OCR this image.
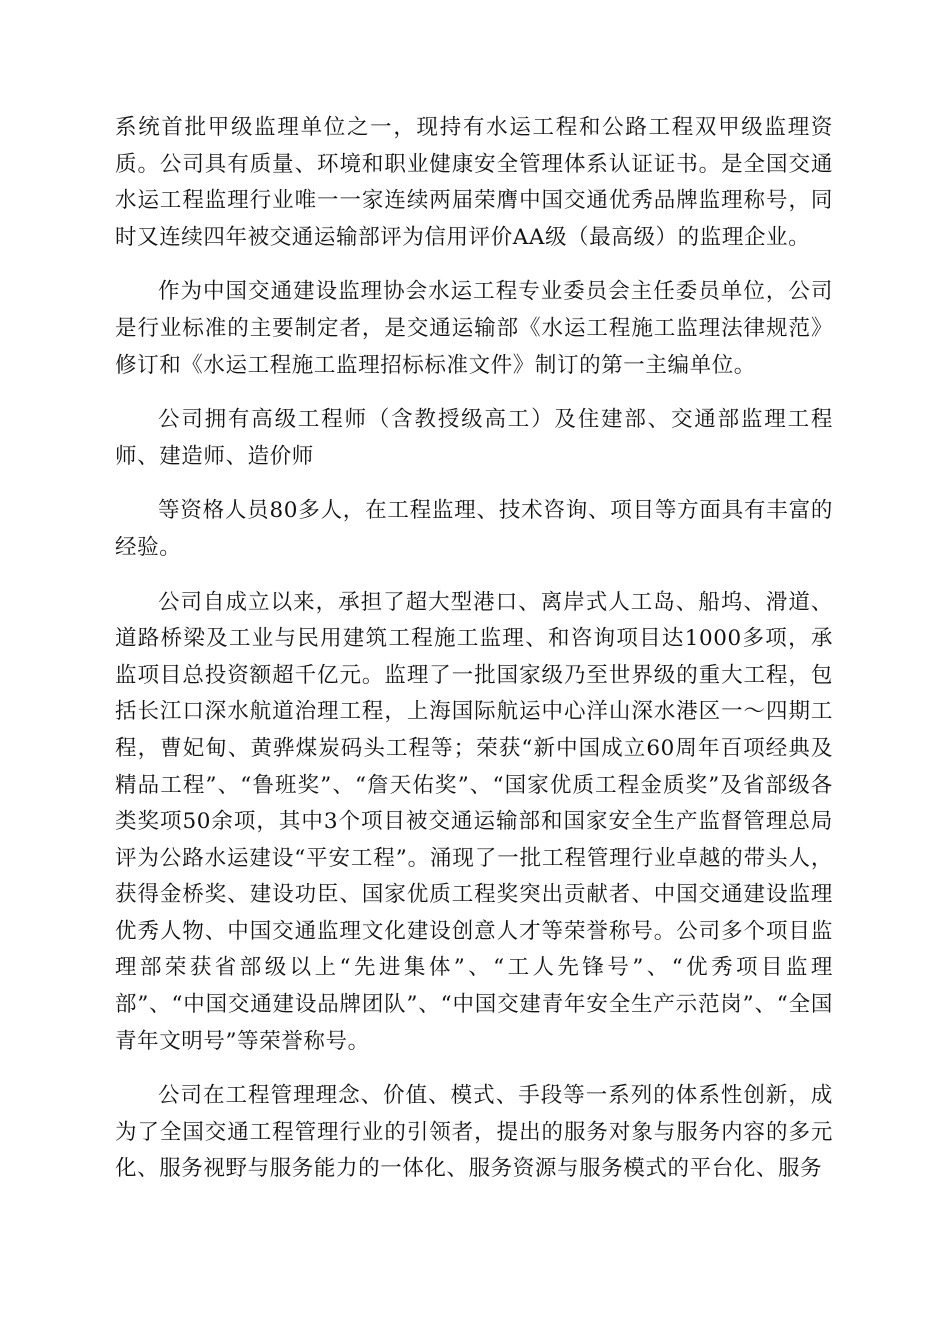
系统首批甲级监理单位之一，现持有水运工程和公路工程双甲级监理资质。公司具有质量、环境和职业健康安全管理体系认证证书。是全国交通水运工程监理行业唯一一家连续两届荣膺中国交通优秀品牌监理称号，同时又连续四年被交通运输部评为信用评价AA级（最高级）的监理企业。

作为中国交通建设监理协会水运工程专业委员会主任委员单位，公司是行业标准的主要制定者，是交通运输部《水运工程施工监理法律规范》修订和《水运工程施工监理招标标准文件》制订的第一主编单位。

公司拥有高级工程师（含教授级高工）及住建部、交通部监理工程师、建造师、造价师

等资格人员80多人，在工程监理、技术咨询、项目等方面具有丰富的经验。

公司自成立以来，承担了超大型港口、离岸式人工岛、船坞、滑道、道路桥梁及工业与民用建筑工程施工监理、和咨询项目达1000多项，承监项目总投资额超千亿元。监理了一批国家级乃至世界级的重大工程，包括长江口深水航道治理工程，上海国际航运中心洋山深水港区一～四期工程，曹妃甸、黄骅煤炭码头工程等；荣获“新中国成立60周年百项经典及精品工程”、“鲁班奖”、“詹天佑奖”、“国家优质工程金质奖”及省部级各类奖项50余项，其中3个项目被交通运输部和国家安全生产监督管理总局评为公路水运建设“平安工程”。涌现了一批工程管理行业卓越的带头人，获得金桥奖、建设功臣、国家优质工程奖突出贡献者、中国交通建设监理优秀人物、中国交通监理文化建设创意人才等荣誉称号。公司多个项目监理部荣获省部级以上“先进集体”、“工人先锋号”、“优秀项目监理部”、“中国交通建设品牌团队”、“中国交建青年安全生产示范岗”、“全国青年文明号”等荣誉称号。

公司在工程管理理念、价值、模式、手段等一系列的体系性创新，成为了全国交通工程管理行业的引领者，提出的服务对象与服务内容的多元化、服务视野与服务能力的一体化、服务资源与服务模式的平台化、服务
